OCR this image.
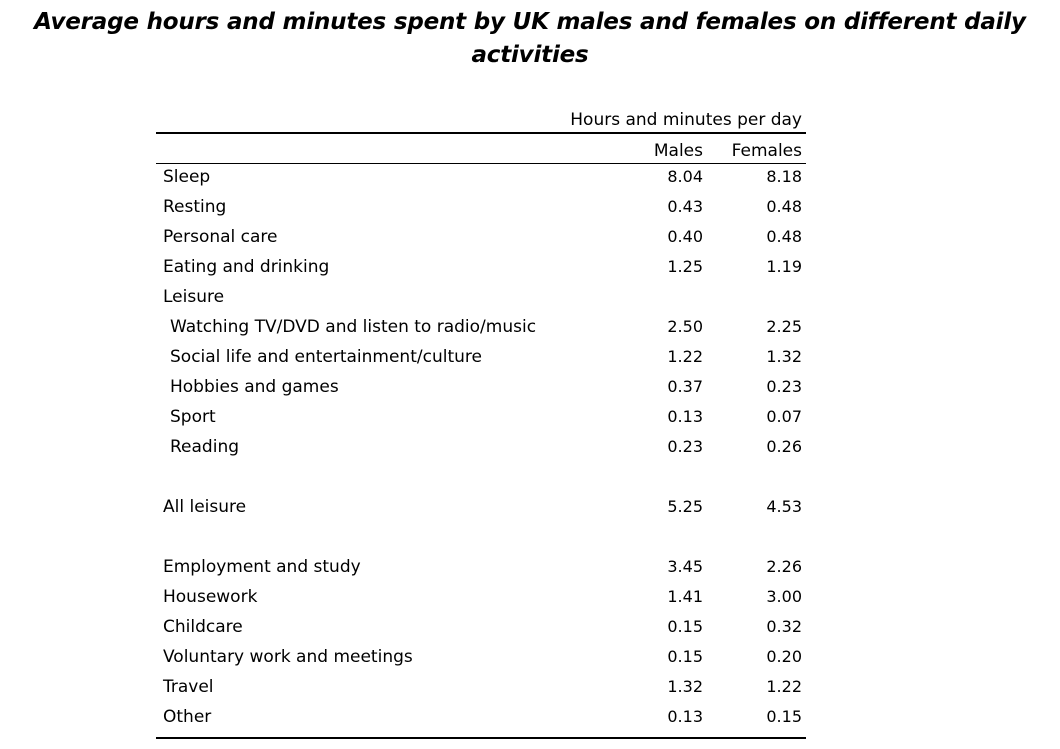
Average hours and minutes spent by UK males and females on different daily activities
Hours and minutes per day
Males Females
Sleep	8.04	8.18
Resting	0.43	0.48
Personal care	0.40	0.48
Eating and drinking	1.25	1.19
Leisure
Watching TV/DVD and listen to radio/music	2.50	2.25
Social life and entertainment/culture	1.22	1.32
Hobbies and games	0.37	0.23
Sport	0.13	0.07
Reading	0.23	0.26
All leisure	5.25	4.53
Employment and study	3.45	2.26
Housework	1.41	3.00
Childcare	0.15	0.32
Voluntary work and meetings	0.15	0.20
Travel	1.32	1.22
Other	0.13	0.15
